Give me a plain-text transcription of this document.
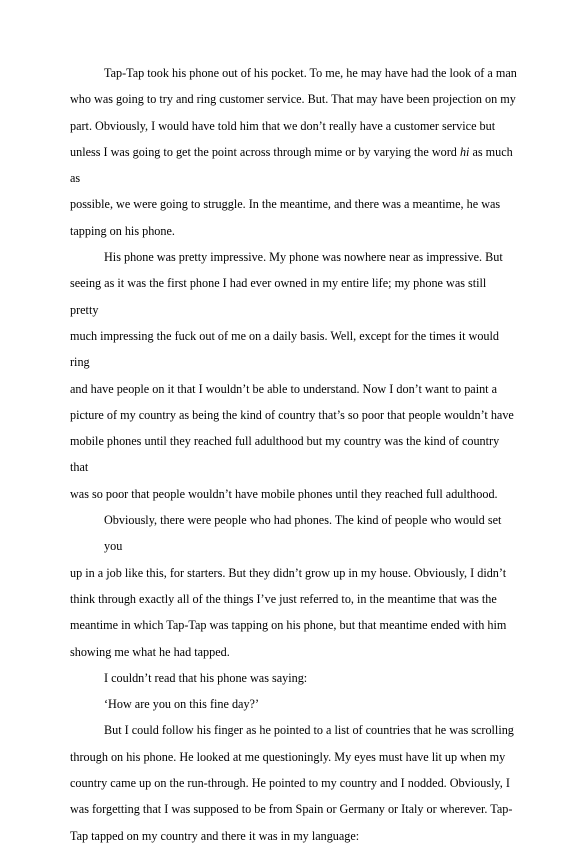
Tap-Tap took his phone out of his pocket. To me, he may have had the look of a man
who was going to try and ring customer service. But. That may have been projection on my
part. Obviously, I would have told him that we don’t really have a customer service but
unless I was going to get the point across through mime or by varying the word hi as much as
possible, we were going to struggle. In the meantime, and there was a meantime, he was
tapping on his phone.

His phone was pretty impressive. My phone was nowhere near as impressive. But
seeing as it was the first phone I had ever owned in my entire life; my phone was still pretty
much impressing the fuck out of me on a daily basis. Well, except for the times it would ring
and have people on it that I wouldn’t be able to understand. Now I don’t want to paint a
picture of my country as being the kind of country that’s so poor that people wouldn’t have
mobile phones until they reached full adulthood but my country was the kind of country that
was so poor that people wouldn’t have mobile phones until they reached full adulthood.

Obviously, there were people who had phones. The kind of people who would set you
up in a job like this, for starters. But they didn’t grow up in my house. Obviously, I didn’t
think through exactly all of the things I’ve just referred to, in the meantime that was the
meantime in which Tap-Tap was tapping on his phone, but that meantime ended with him
showing me what he had tapped.

I couldn’t read that his phone was saying:

‘How are you on this fine day?’

But I could follow his finger as he pointed to a list of countries that he was scrolling
through on his phone. He looked at me questioningly. My eyes must have lit up when my
country came up on the run-through. He pointed to my country and I nodded. Obviously, I
was forgetting that I was supposed to be from Spain or Germany or Italy or wherever. Tap-
Tap tapped on my country and there it was in my language:
